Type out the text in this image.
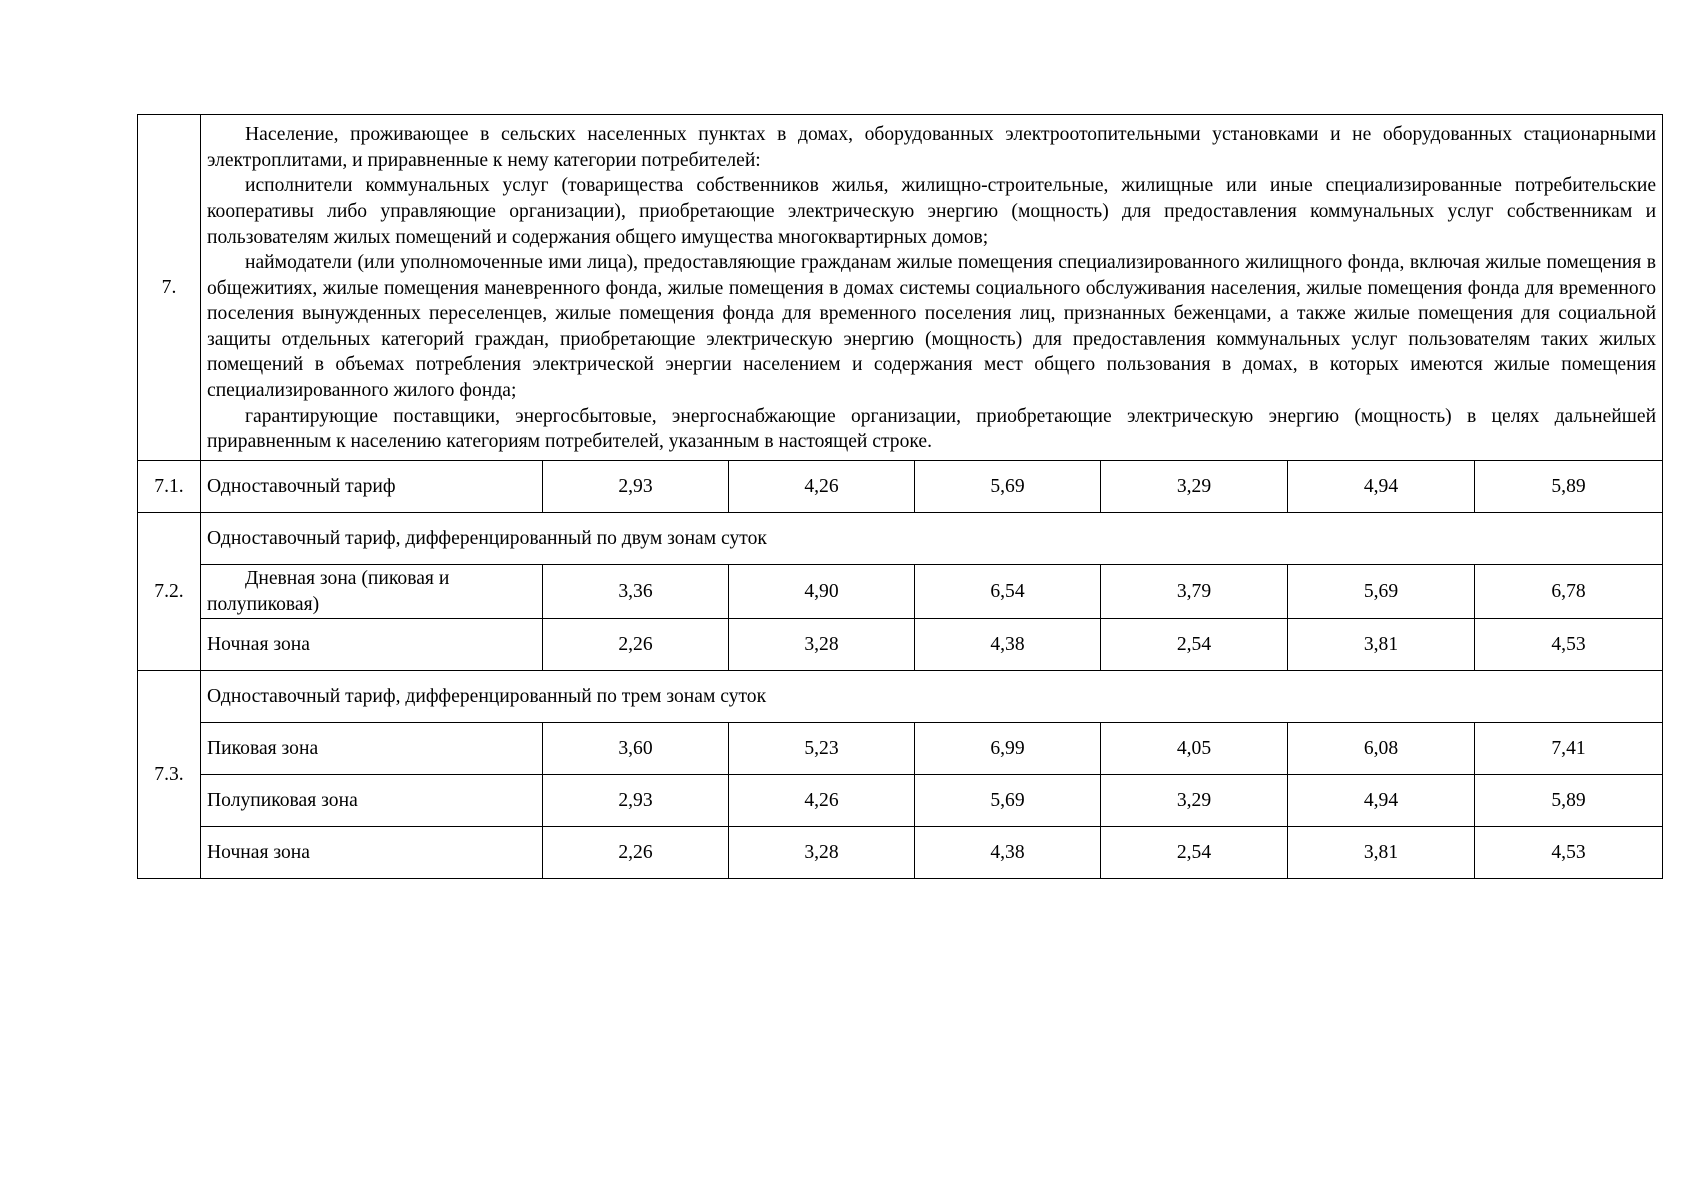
7.	Население, проживающее в сельских населенных пунктах в домах, оборудованных электроотопительными установками и не оборудованных стационарными электроплитами, и приравненные к нему категории потребителей:

исполнители коммунальных услуг (товарищества собственников жилья, жилищно-строительные, жилищные или иные специализированные потребительские кооперативы либо управляющие организации), приобретающие электрическую энергию (мощность) для предоставления коммунальных услуг собственникам и пользователям жилых помещений и содержания общего имущества многоквартирных домов;

наймодатели (или уполномоченные ими лица), предоставляющие гражданам жилые помещения специализированного жилищного фонда, включая жилые помещения в общежитиях, жилые помещения маневренного фонда, жилые помещения в домах системы социального обслуживания населения, жилые помещения фонда для временного поселения вынужденных переселенцев, жилые помещения фонда для временного поселения лиц, признанных беженцами, а также жилые помещения для социальной защиты отдельных категорий граждан, приобретающие электрическую энергию (мощность) для предоставления коммунальных услуг пользователям таких жилых помещений в объемах потребления электрической энергии населением и содержания мест общего пользования в домах, в которых имеются жилые помещения специализированного жилого фонда;

гарантирующие поставщики, энергосбытовые, энергоснабжающие организации, приобретающие электрическую энергию (мощность) в целях дальнейшей приравненным к населению категориям потребителей, указанным в настоящей строке.						

7.1.	Одноставочный тариф	2,93	4,26	5,69	3,29	4,94	5,89
7.2.	Одноставочный тариф, дифференцированный по двум зонам суток						

	Дневная зона (пиковая и полупиковая)	3,36	4,90	6,54	3,79	5,69	6,78
	Ночная зона	2,26	3,28	4,38	2,54	3,81	4,53
7.3.	Одноставочный тариф, дифференцированный по трем зонам суток						
	Пиковая зона	3,60	5,23	6,99	4,05	6,08	7,41
	Полупиковая зона	2,93	4,26	5,69	3,29	4,94	5,89
	Ночная зона	2,26	3,28	4,38	2,54	3,81	4,53
